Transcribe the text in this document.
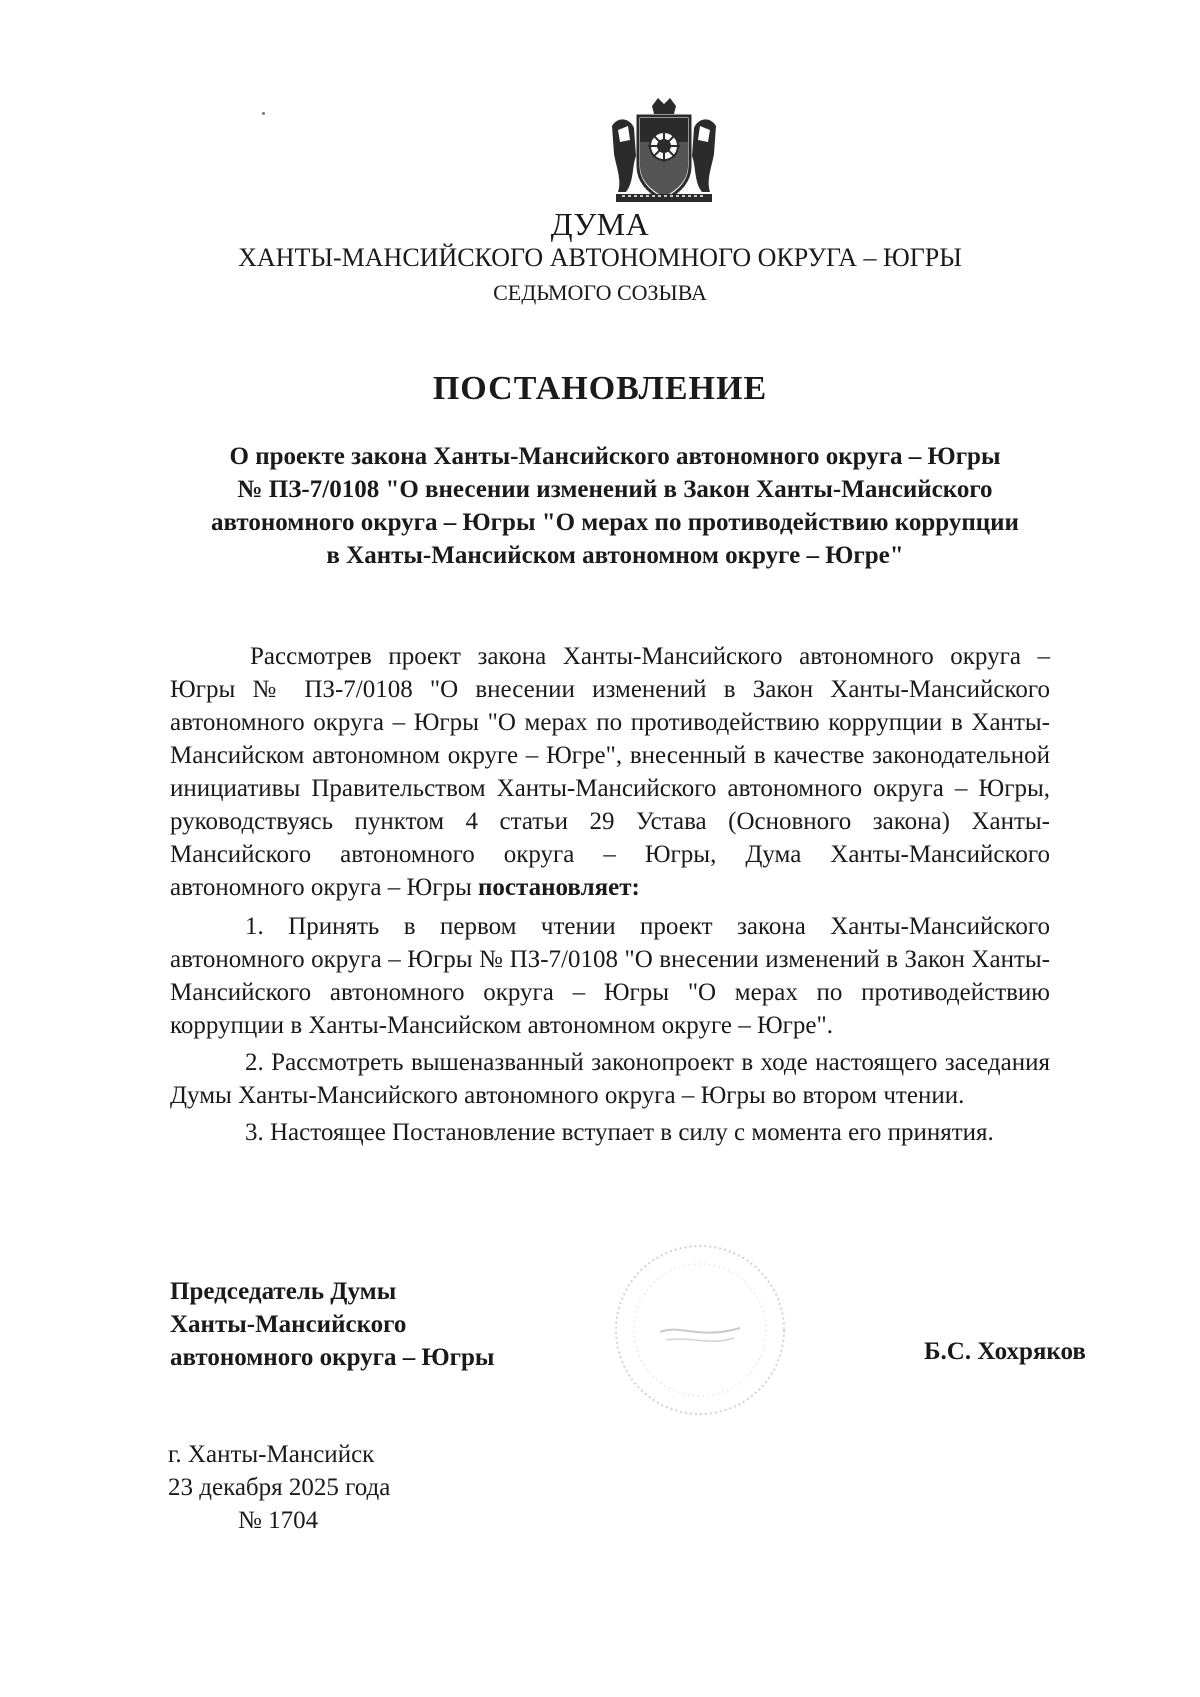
ДУМА
ХАНТЫ-МАНСИЙСКОГО АВТОНОМНОГО ОКРУГА – ЮГРЫ
СЕДЬМОГО СОЗЫВА
ПОСТАНОВЛЕНИЕ
О проекте закона Ханты-Мансийского автономного округа – Югры
№ ПЗ-7/0108 "О внесении изменений в Закон Ханты-Мансийского
автономного округа – Югры "О мерах по противодействию коррупции
в Ханты-Мансийском автономном округе – Югре"
Рассмотрев проект закона Ханты-Мансийского автономного округа – Югры № ПЗ-7/0108 "О внесении изменений в Закон Ханты-Мансийского автономного округа – Югры "О мерах по противодействию коррупции в Ханты-Мансийском автономном округе – Югре", внесенный в качестве законодательной инициативы Правительством Ханты-Мансийского автономного округа – Югры, руководствуясь пунктом 4 статьи 29 Устава (Основного закона) Ханты-Мансийского автономного округа – Югры, Дума Ханты-Мансийского автономного округа – Югры постановляет:

1. Принять в первом чтении проект закона Ханты-Мансийского автономного округа – Югры № ПЗ-7/0108 "О внесении изменений в Закон Ханты-Мансийского автономного округа – Югры "О мерах по противодействию коррупции в Ханты-Мансийском автономном округе – Югре".

2. Рассмотреть вышеназванный законопроект в ходе настоящего заседания Думы Ханты-Мансийского автономного округа – Югры во втором чтении.

3. Настоящее Постановление вступает в силу с момента его принятия.

Председатель Думы
Ханты-Мансийского
автономного округа – Югры	Б.С. Хохряков
г. Ханты-Мансийск
23 декабря 2025 года
№ 1704
